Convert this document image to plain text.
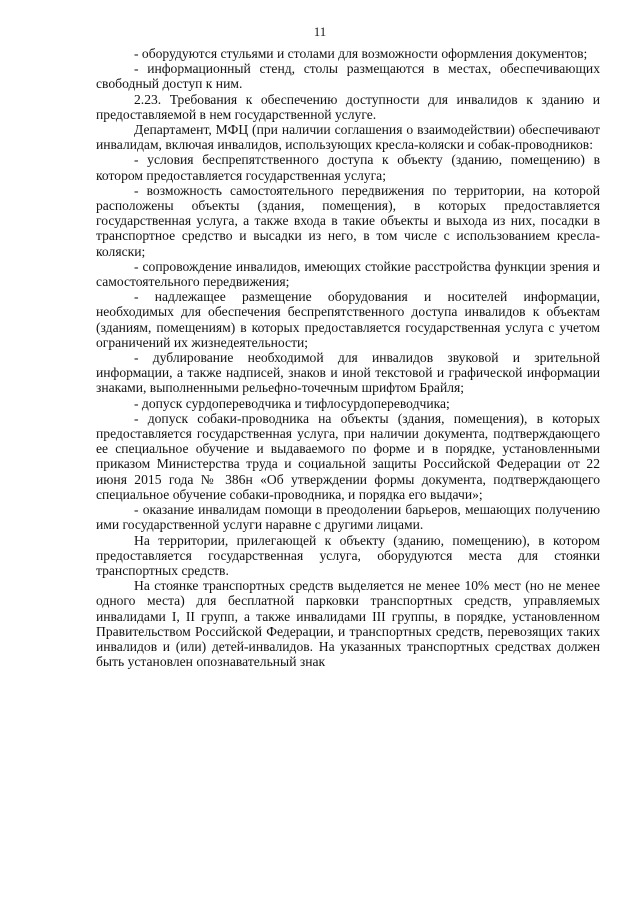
11

- оборудуются стульями и столами для возможности оформления документов;

- информационный стенд, столы размещаются в местах, обеспечивающих свободный доступ к ним.

2.23. Требования к обеспечению доступности для инвалидов к зданию и предоставляемой в нем государственной услуге.

Департамент, МФЦ (при наличии соглашения о взаимодействии) обеспечивают инвалидам, включая инвалидов, использующих кресла-коляски и собак-проводников:

- условия беспрепятственного доступа к объекту (зданию, помещению) в котором предоставляется государственная услуга;

- возможность самостоятельного передвижения по территории, на которой расположены объекты (здания, помещения), в которых предоставляется государственная услуга, а также входа в такие объекты и выхода из них, посадки в транспортное средство и высадки из него, в том числе с использованием кресла-коляски;

- сопровождение инвалидов, имеющих стойкие расстройства функции зрения и самостоятельного передвижения;

- надлежащее размещение оборудования и носителей информации, необходимых для обеспечения беспрепятственного доступа инвалидов к объектам (зданиям, помещениям) в которых предоставляется государственная услуга с учетом ограничений их жизнедеятельности;

- дублирование необходимой для инвалидов звуковой и зрительной информации, а также надписей, знаков и иной текстовой и графической информации знаками, выполненными рельефно-точечным шрифтом Брайля;

- допуск сурдопереводчика и тифлосурдопереводчика;

- допуск собаки-проводника на объекты (здания, помещения), в которых предоставляется государственная услуга, при наличии документа, подтверждающего ее специальное обучение и выдаваемого по форме и в порядке, установленными приказом Министерства труда и социальной защиты Российской Федерации от 22 июня 2015 года № 386н «Об утверждении формы документа, подтверждающего специальное обучение собаки-проводника, и порядка его выдачи»;

- оказание инвалидам помощи в преодолении барьеров, мешающих получению ими государственной услуги наравне с другими лицами.

На территории, прилегающей к объекту (зданию, помещению), в котором предоставляется государственная услуга, оборудуются места для стоянки транспортных средств.

На стоянке транспортных средств выделяется не менее 10% мест (но не менее одного места) для бесплатной парковки транспортных средств, управляемых инвалидами I, II групп, а также инвалидами III группы, в порядке, установленном Правительством Российской Федерации, и транспортных средств, перевозящих таких инвалидов и (или) детей-инвалидов. На указанных транспортных средствах должен быть установлен опознавательный знак
